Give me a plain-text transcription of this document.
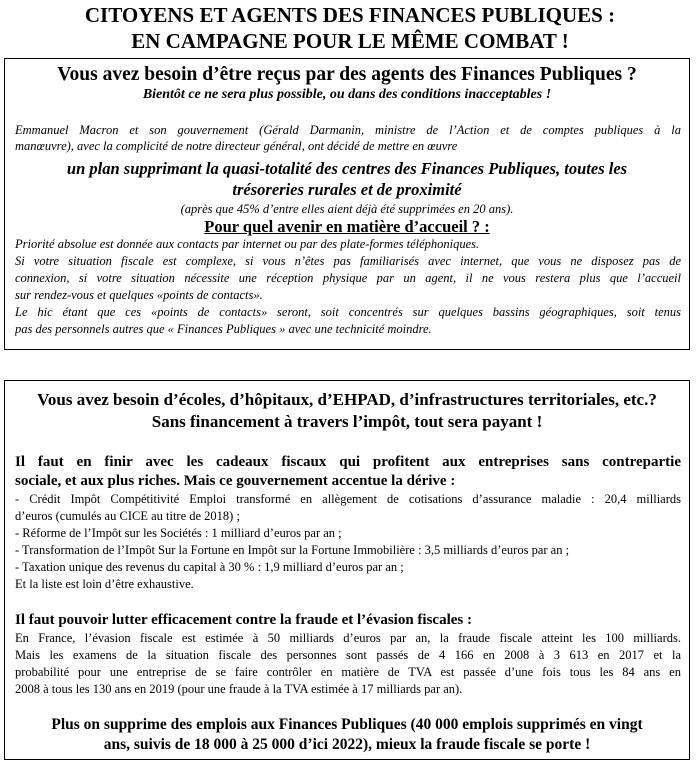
CITOYENS ET AGENTS DES FINANCES PUBLIQUES :
EN CAMPAGNE POUR LE MÊME COMBAT !
Vous avez besoin d’être reçus par des agents des Finances Publiques ?
Bientôt ce ne sera plus possible, ou dans des conditions inacceptables !
Emmanuel Macron et son gouvernement (Gérald Darmanin, ministre de l’Action et de comptes publiques à la
manœuvre), avec la complicité de notre directeur général, ont décidé de mettre en œuvre
un plan supprimant la quasi-totalité des centres des Finances Publiques, toutes les
trésoreries rurales et de proximité
(après que 45% d’entre elles aient déjà été supprimées en 20 ans).
Pour quel avenir en matière d’accueil ? :
Priorité absolue est donnée aux contacts par internet ou par des plate-formes téléphoniques.
Si votre situation fiscale est complexe, si vous n’êtes pas familiarisés avec internet, que vous ne disposez pas de
connexion, si votre situation nécessite une réception physique par un agent, il ne vous restera plus que l’accueil
sur rendez-vous et quelques «points de contacts».
Le hic étant que ces «points de contacts» seront, soit concentrés sur quelques bassins géographiques, soit tenus
pas des personnels autres que « Finances Publiques » avec une technicité moindre.
Vous avez besoin d’écoles, d’hôpitaux, d’EHPAD, d’infrastructures territoriales, etc.?
Sans financement à travers l’impôt, tout sera payant !
Il faut en finir avec les cadeaux fiscaux qui profitent aux entreprises sans contrepartie
sociale, et aux plus riches. Mais ce gouvernement accentue la dérive :
- Crédit Impôt Compétitivité Emploi transformé en allègement de cotisations d’assurance maladie : 20,4 milliards
d’euros (cumulés au CICE au titre de 2018) ;
- Réforme de l’Impôt sur les Sociétés : 1 milliard d’euros par an ;
- Transformation de l’Impôt Sur la Fortune en Impôt sur la Fortune Immobilière : 3,5 milliards d’euros par an ;
- Taxation unique des revenus du capital à 30 % : 1,9 milliard d’euros par an ;
Et la liste est loin d’être exhaustive.
Il faut pouvoir lutter efficacement contre la fraude et l’évasion fiscales :
En France, l’évasion fiscale est estimée à 50 milliards d’euros par an, la fraude fiscale atteint les 100 milliards.
Mais les examens de la situation fiscale des personnes sont passés de 4 166 en 2008 à 3 613 en 2017 et la
probabilité pour une entreprise de se faire contrôler en matière de TVA est passée d’une fois tous les 84 ans en
2008 à tous les 130 ans en 2019 (pour une fraude à la TVA estimée à 17 milliards par an).
Plus on supprime des emplois aux Finances Publiques (40 000 emplois supprimés en vingt
ans, suivis de 18 000 à 25 000 d’ici 2022), mieux la fraude fiscale se porte !
